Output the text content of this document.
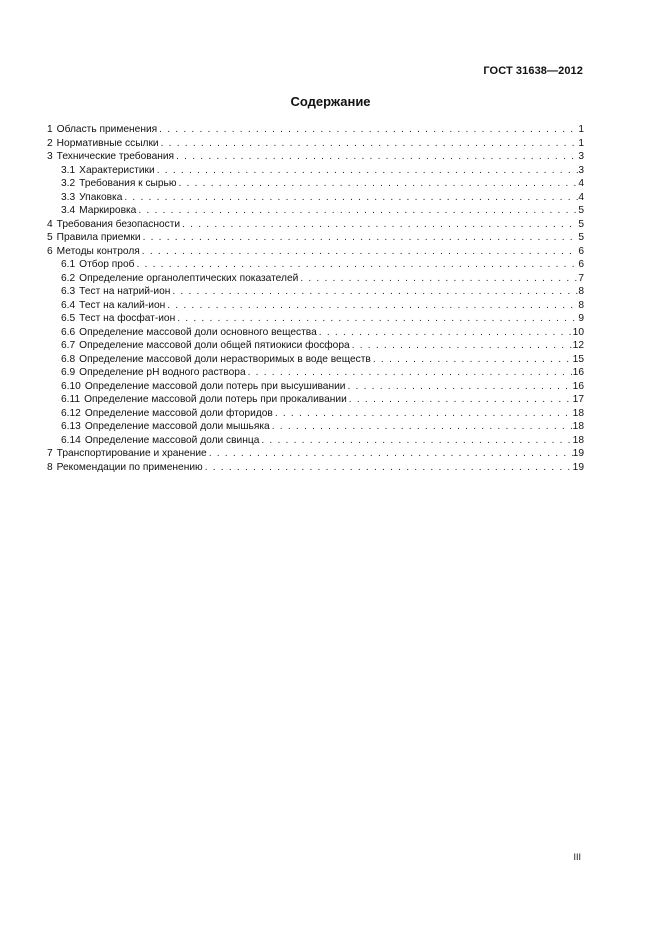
ГОСТ 31638—2012
Содержание
1 Область применения . . .	1
2 Нормативные ссылки . . .	1
3 Технические требования . . .	3
3.1 Характеристики . . .	3
3.2 Требования к сырью . . .	4
3.3 Упаковка . . .	4
3.4 Маркировка . . .	5
4 Требования безопасности . . .	5
5 Правила приемки . . .	5
6 Методы контроля . . .	6
6.1 Отбор проб . . .	6
6.2 Определение органолептических показателей . . .	7
6.3 Тест на натрий-ион . . .	8
6.4 Тест на калий-ион . . .	8
6.5 Тест на фосфат-ион . . .	9
6.6 Определение массовой доли основного вещества . . .	10
6.7 Определение массовой доли общей пятиокиси фосфора . . .	12
6.8 Определение массовой доли нерастворимых в воде веществ . . .	15
6.9 Определение рН водного раствора . . .	16
6.10 Определение массовой доли потерь при высушивании . . .	16
6.11 Определение массовой доли потерь при прокаливании . . .	17
6.12 Определение массовой доли фторидов . . .	18
6.13 Определение массовой доли мышьяка . . .	18
6.14 Определение массовой доли свинца . . .	18
7 Транспортирование и хранение . . .	19
8 Рекомендации по применению . . .	19
III
